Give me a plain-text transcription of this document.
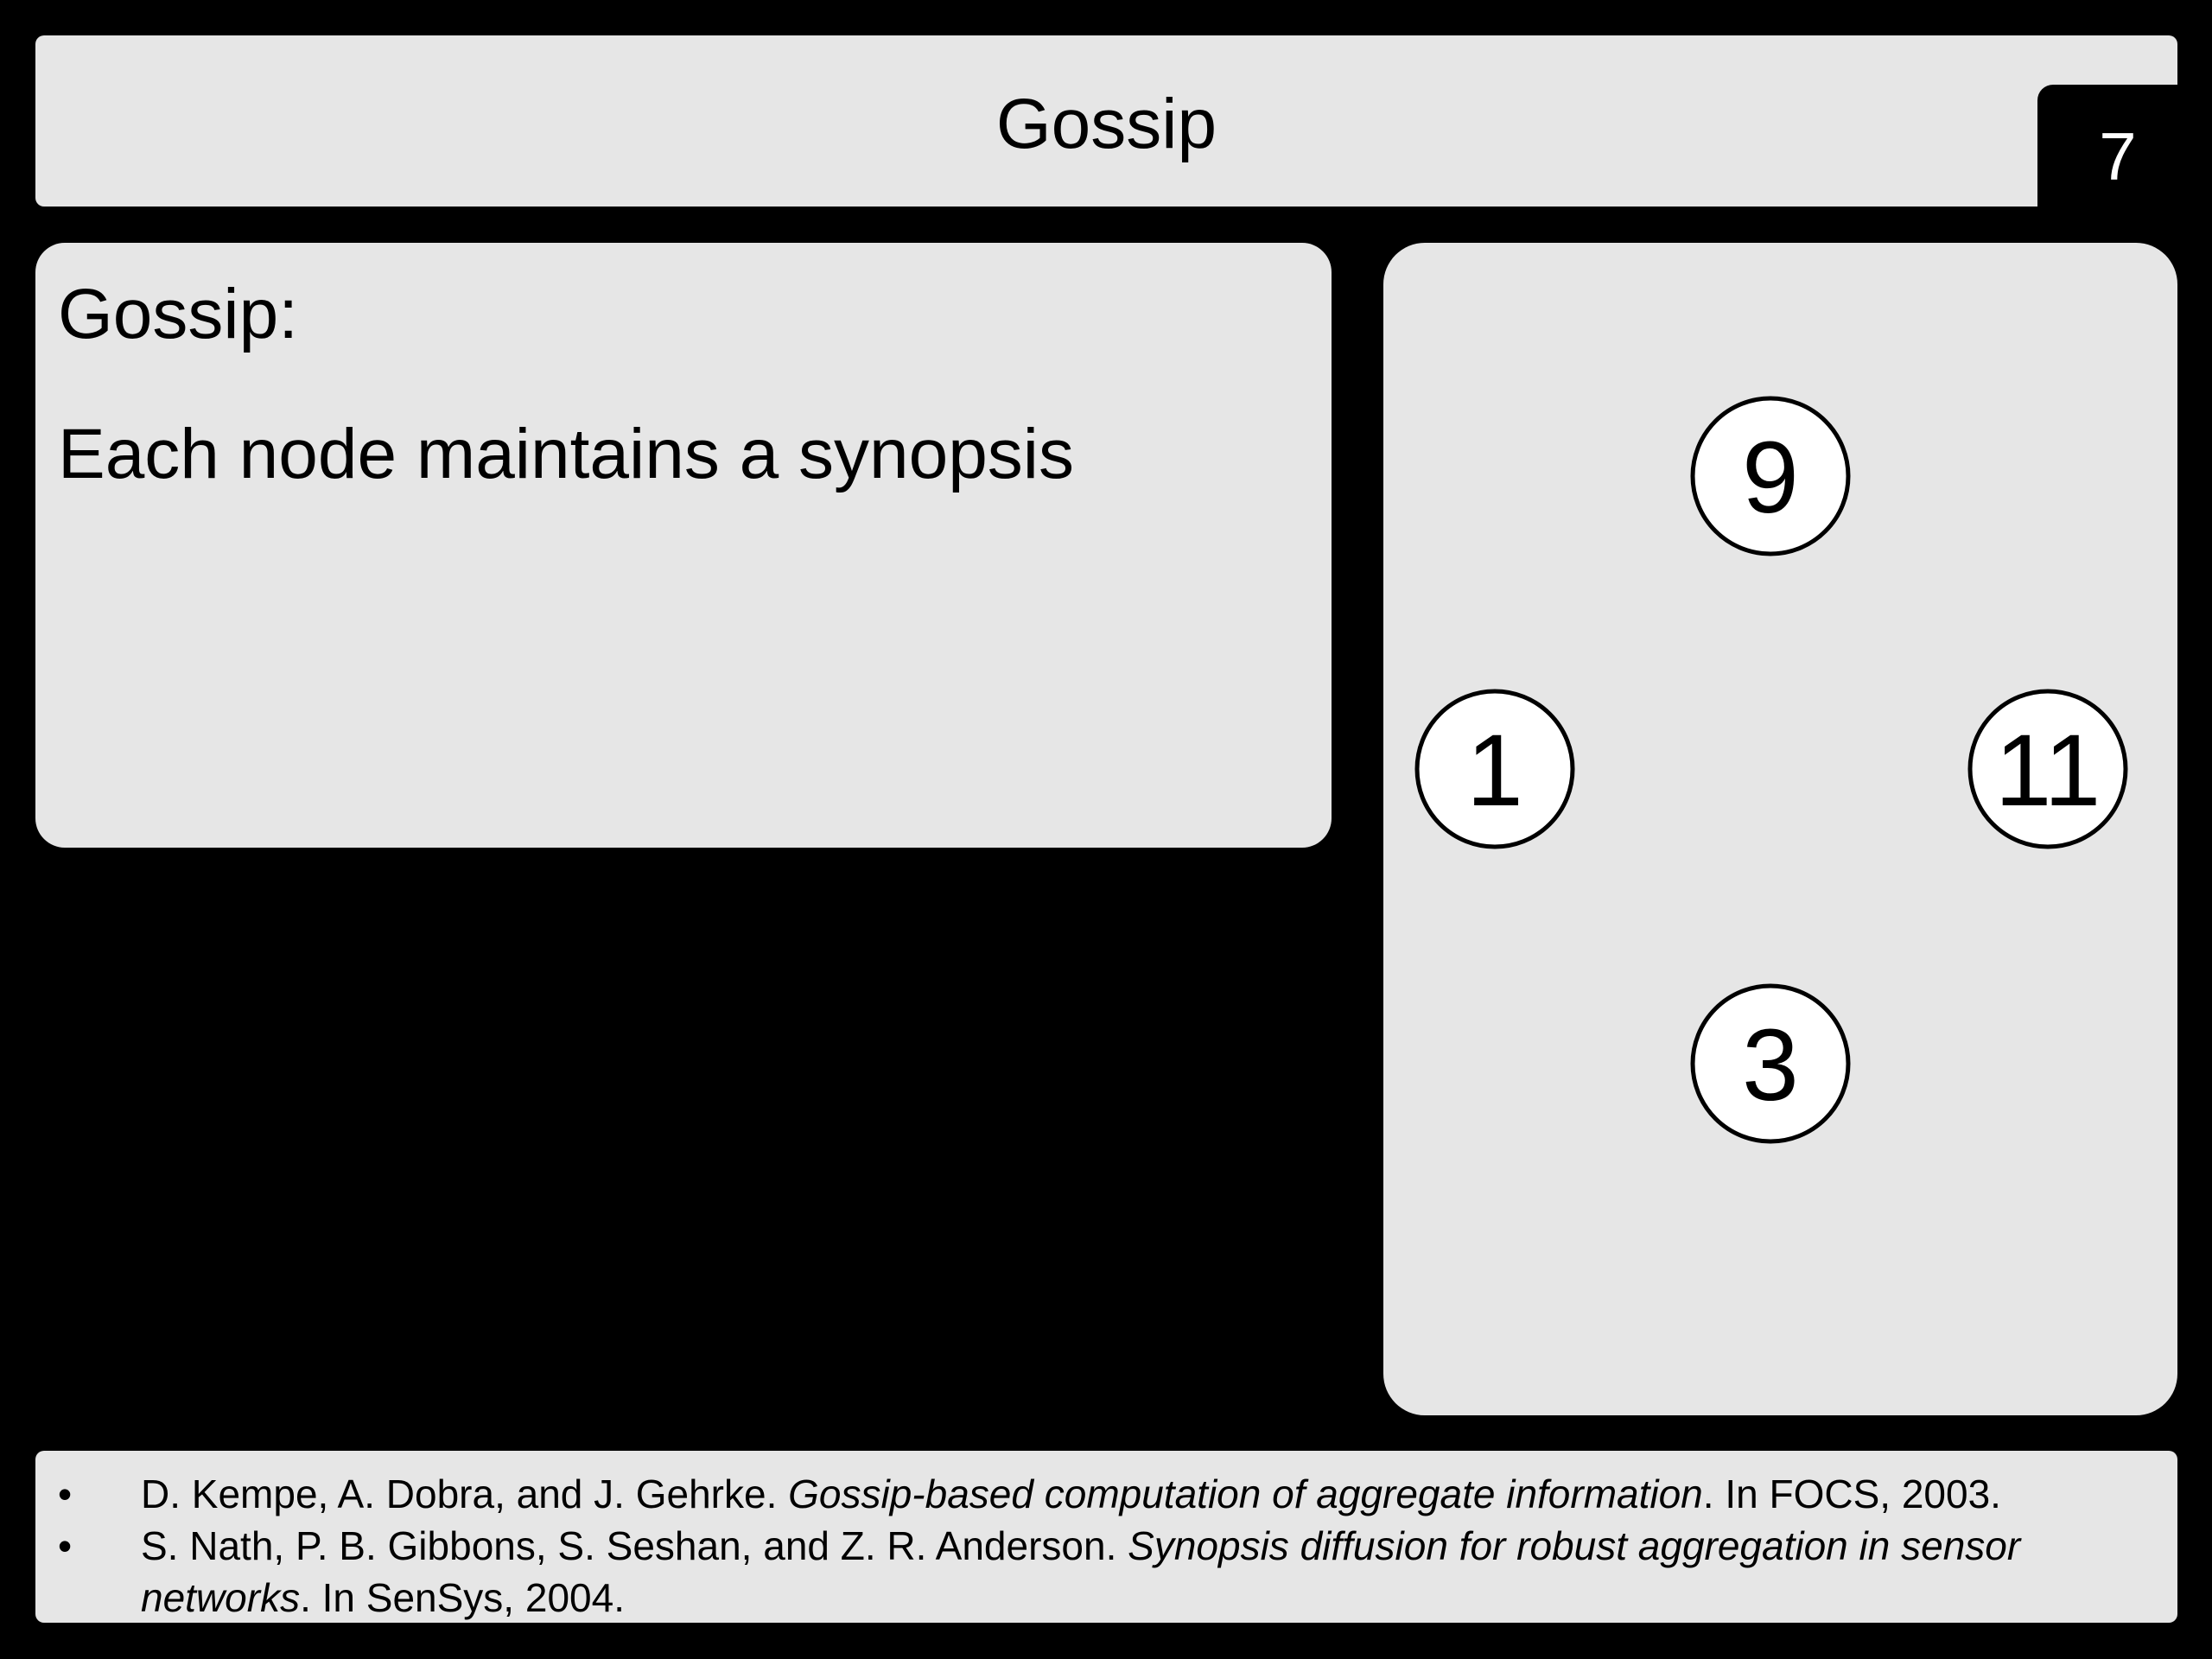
Gossip	7
Gossip:
Each node maintains a synopsis	9
1	11
3
• D. Kempe, A. Dobra, and J. Gehrke. Gossip-based computation of aggregate information. In FOCS, 2003.
• S. Nath, P. B. Gibbons, S. Seshan, and Z. R. Anderson. Synopsis diffusion for robust aggregation in sensor networks. In SenSys, 2004.
